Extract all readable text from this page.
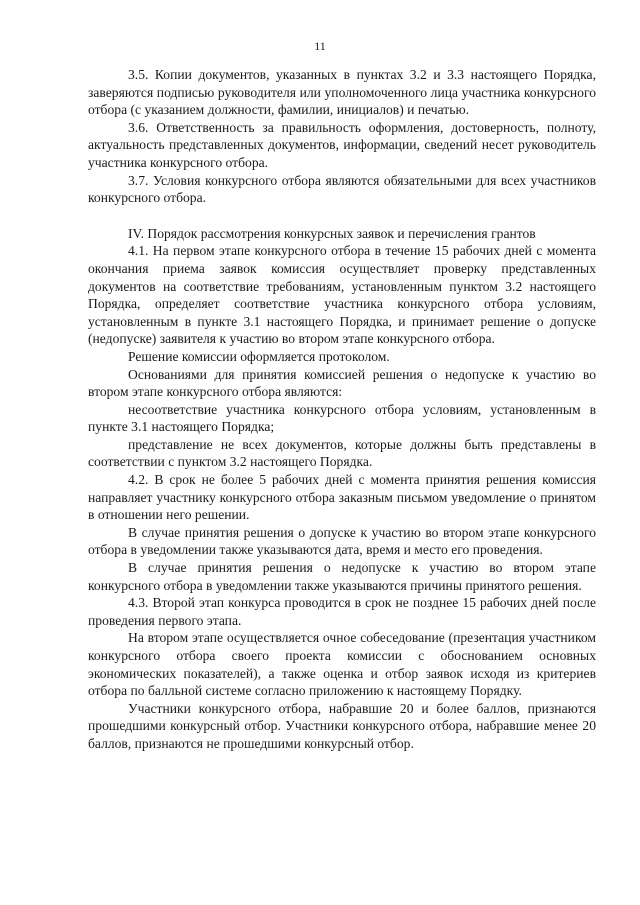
11

3.5. Копии документов, указанных в пунктах 3.2 и 3.3 настоящего Порядка, заверяются подписью руководителя или уполномоченного лица участника конкурсного отбора (с указанием должности, фамилии, инициалов) и печатью.

3.6. Ответственность за правильность оформления, достоверность, полноту, актуальность представленных документов, информации, сведений несет руководитель участника конкурсного отбора.

3.7. Условия конкурсного отбора являются обязательными для всех участников конкурсного отбора.

IV. Порядок рассмотрения конкурсных заявок и перечисления грантов

4.1. На первом этапе конкурсного отбора в течение 15 рабочих дней с момента окончания приема заявок комиссия осуществляет проверку представленных документов на соответствие требованиям, установленным пунктом 3.2 настоящего Порядка, определяет соответствие участника конкурсного отбора условиям, установленным в пункте 3.1 настоящего Порядка, и принимает решение о допуске (недопуске) заявителя к участию во втором этапе конкурсного отбора.

Решение комиссии оформляется протоколом.

Основаниями для принятия комиссией решения о недопуске к участию во втором этапе конкурсного отбора являются:

несоответствие участника конкурсного отбора условиям, установленным в пункте 3.1 настоящего Порядка;

представление не всех документов, которые должны быть представлены в соответствии с пунктом 3.2 настоящего Порядка.

4.2. В срок не более 5 рабочих дней с момента принятия решения комиссия направляет участнику конкурсного отбора заказным письмом уведомление о принятом в отношении него решении.

В случае принятия решения о допуске к участию во втором этапе конкурсного отбора в уведомлении также указываются дата, время и место его проведения.

В случае принятия решения о недопуске к участию во втором этапе конкурсного отбора в уведомлении также указываются причины принятого решения.

4.3. Второй этап конкурса проводится в срок не позднее 15 рабочих дней после проведения первого этапа.

На втором этапе осуществляется очное собеседование (презентация участником конкурсного отбора своего проекта комиссии с обоснованием основных экономических показателей), а также оценка и отбор заявок исходя из критериев отбора по балльной системе согласно приложению к настоящему Порядку.

Участники конкурсного отбора, набравшие 20 и более баллов, признаются прошедшими конкурсный отбор. Участники конкурсного отбора, набравшие менее 20 баллов, признаются не прошедшими конкурсный отбор.
